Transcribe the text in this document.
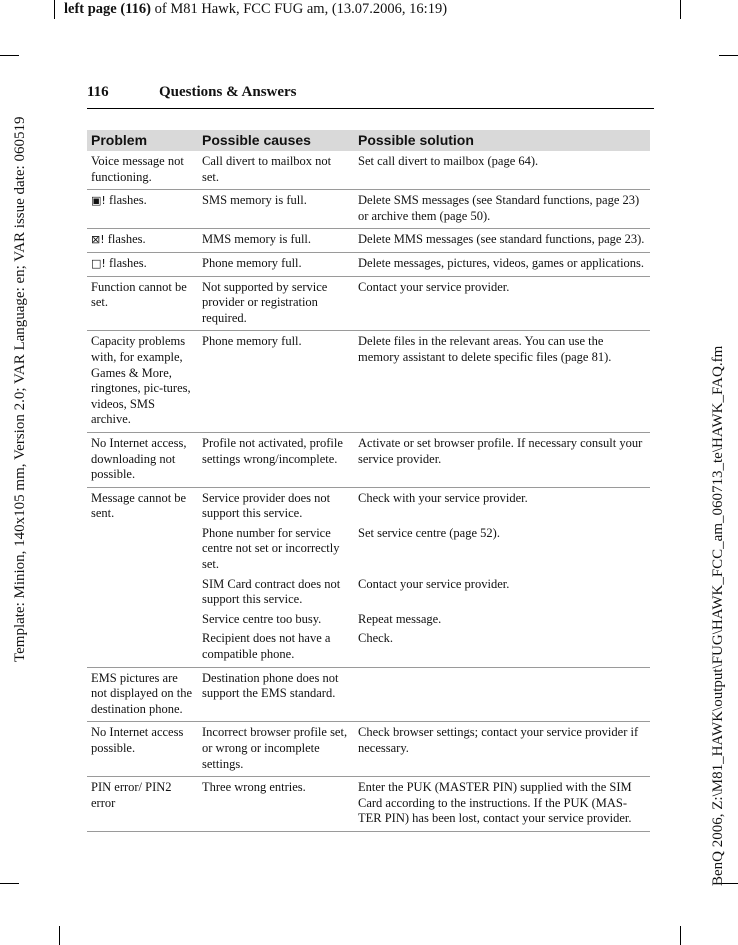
left page (116) of M81 Hawk, FCC FUG am, (13.07.2006, 16:19)
Template: Minion, 140x105 mm, Version 2.0; VAR Language: en; VAR issue date: 060519	BenQ 2006, Z:\M81_HAWK\output\FUG\HAWK_FCC_am_060713_te\HAWK_FAQ.fm
116	Questions & Answers
Problem	Possible causes	Possible solution
Voice message not functioning.	Call divert to mailbox not set.	Set call divert to mailbox (page 64).
▣! flashes.	SMS memory is full.	Delete SMS messages (see Standard functions, page 23) or archive them (page 50).
⊠! flashes.	MMS memory is full.	Delete MMS messages (see standard functions, page 23).
□! flashes.	Phone memory full.	Delete messages, pictures, videos, games or applications.
Function cannot be set.	Not supported by service provider or registration required.	Contact your service provider.
Capacity problems with, for example, Games & More, ringtones, pic-tures, videos, SMS archive.	Phone memory full.	Delete files in the relevant areas. You can use the memory assistant to delete specific files (page 81).
No Internet access, downloading not possible.	Profile not activated, profile settings wrong/incomplete.	Activate or set browser profile. If necessary consult your service provider.
Message cannot be sent.	Service provider does not support this service.	Check with your service provider.
	Phone number for service centre not set or incorrectly set.	Set service centre (page 52).
	SIM Card contract does not support this service.	Contact your service provider.
	Service centre too busy.	Repeat message.
	Recipient does not have a compatible phone.	Check.
EMS pictures are not displayed on the destination phone.	Destination phone does not support the EMS standard.	
No Internet access possible.	Incorrect browser profile set, or wrong or incomplete settings.	Check browser settings; contact your service provider if necessary.
PIN error/ PIN2 error	Three wrong entries.	Enter the PUK (MASTER PIN) supplied with the SIM Card according to the instructions. If the PUK (MAS-TER PIN) has been lost, contact your service provider.
